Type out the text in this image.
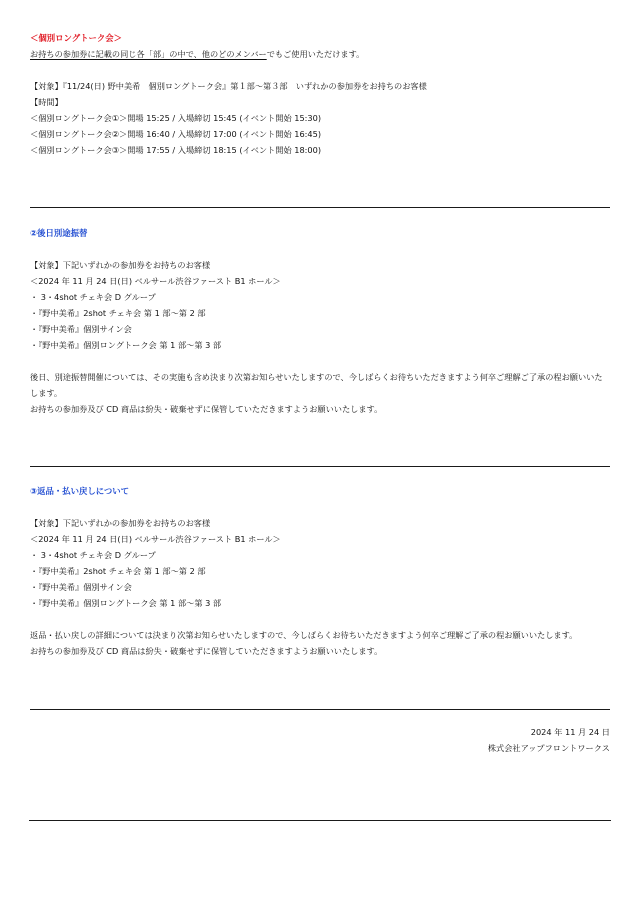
＜個別ロングトーク会＞
お持ちの参加券に記載の同じ各「部」の中で、他のどのメンバーでもご使用いただけます。
【対象】『11/24(日) 野中美希　個別ロングトーク会』第１部～第３部　いずれかの参加券をお持ちのお客様
【時間】
＜個別ロングトーク会①＞開場 15:25 / 入場締切 15:45 (イベント開始 15:30)
＜個別ロングトーク会②＞開場 16:40 / 入場締切 17:00 (イベント開始 16:45)
＜個別ロングトーク会③＞開場 17:55 / 入場締切 18:15 (イベント開始 18:00)
②後日別途振替
【対象】下記いずれかの参加券をお持ちのお客様
＜2024 年 11 月 24 日(日) ベルサール渋谷ファースト B1 ホール＞
・ 3・4shot チェキ会 D グループ
・『野中美希』2shot チェキ会 第 1 部～第 2 部
・『野中美希』個別サイン会
・『野中美希』個別ロングトーク会 第 1 部～第 3 部
後日、別途振替開催については、その実施も含め決まり次第お知らせいたしますので、今しばらくお待ちいただきますよう何卒ご理解ご了承の程お願いいた
します。
お持ちの参加券及び CD 商品は紛失・破棄せずに保管していただきますようお願いいたします。
③返品・払い戻しについて
【対象】下記いずれかの参加券をお持ちのお客様
＜2024 年 11 月 24 日(日) ベルサール渋谷ファースト B1 ホール＞
・ 3・4shot チェキ会 D グループ
・『野中美希』2shot チェキ会 第 1 部～第 2 部
・『野中美希』個別サイン会
・『野中美希』個別ロングトーク会 第 1 部～第 3 部
返品・払い戻しの詳細については決まり次第お知らせいたしますので、今しばらくお待ちいただきますよう何卒ご理解ご了承の程お願いいたします。
お持ちの参加券及び CD 商品は紛失・破棄せずに保管していただきますようお願いいたします。
2024 年 11 月 24 日
株式会社アップフロントワークス
